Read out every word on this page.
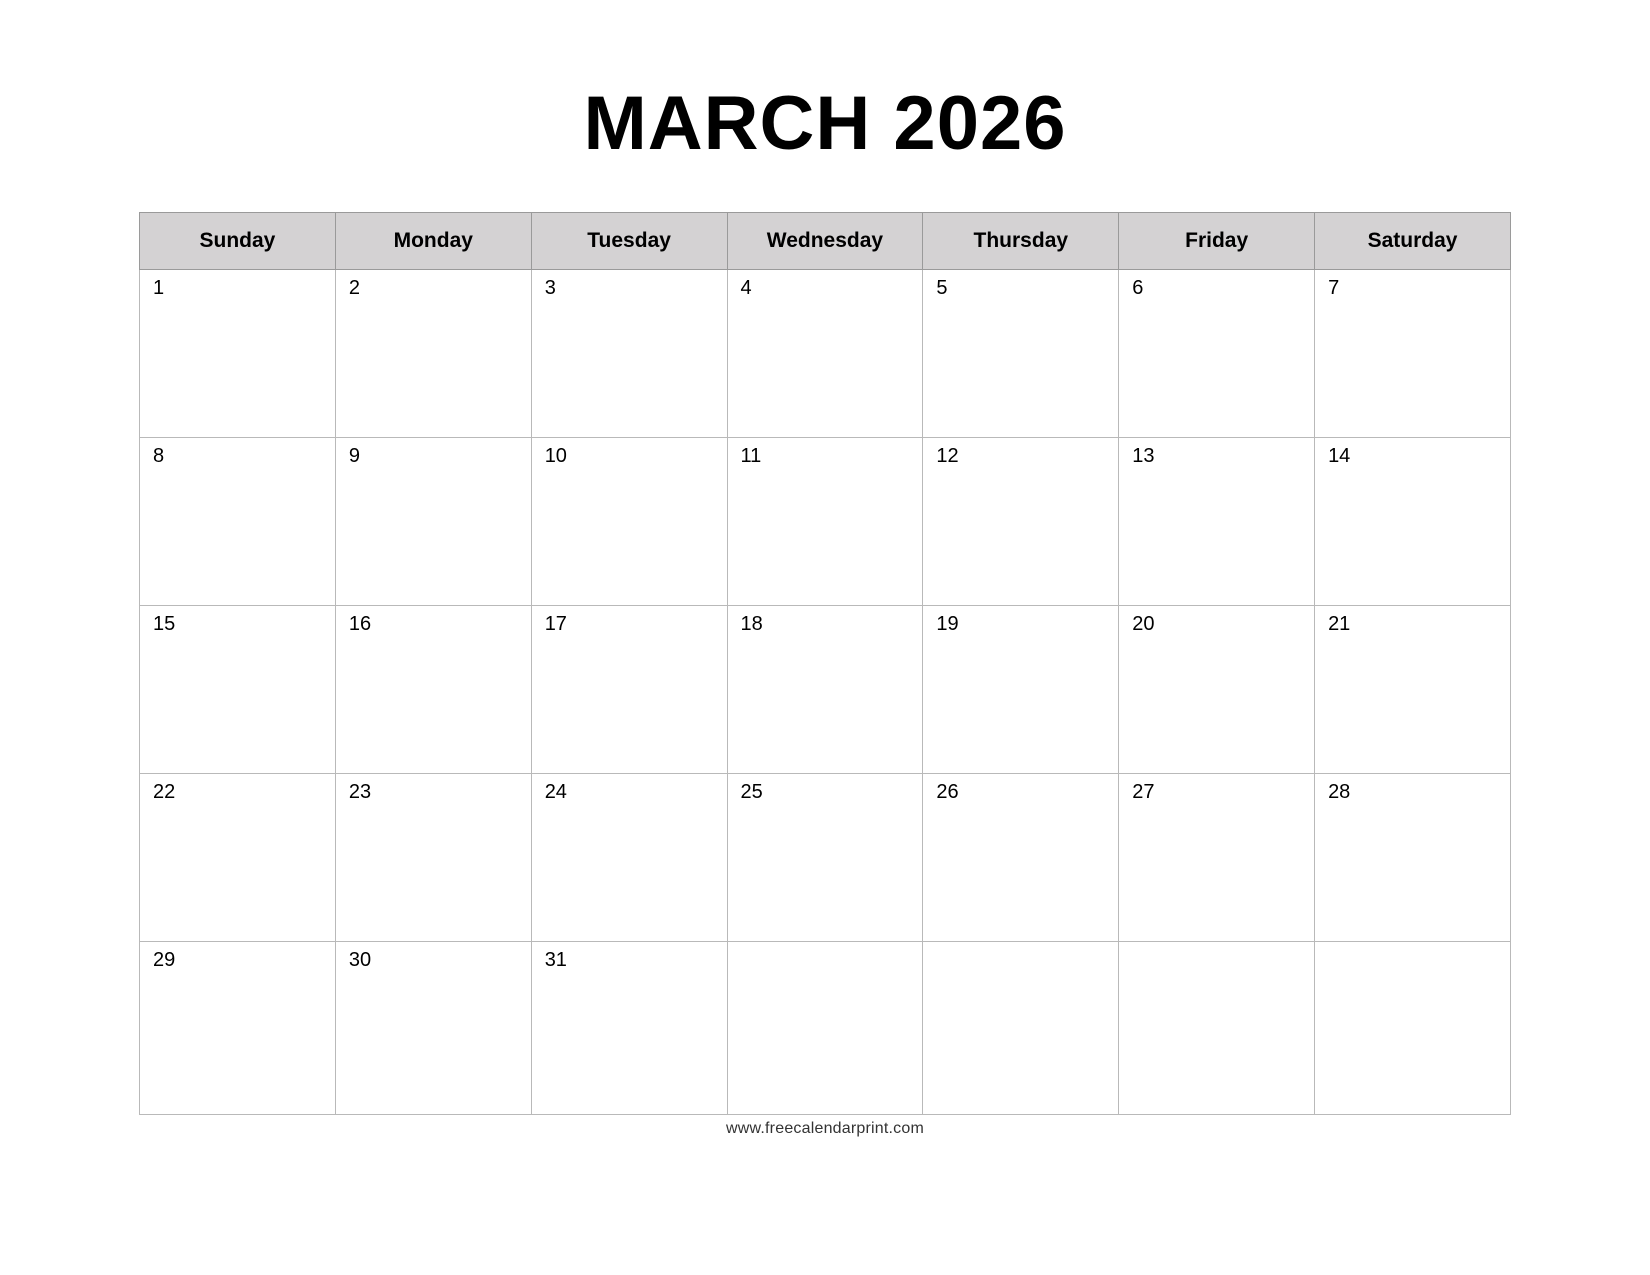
MARCH 2026
Sunday	Monday	Tuesday	Wednesday	Thursday	Friday	Saturday

1	2	3	4	5	6	7

8	9	10	11	12	13	14

15	16	17	18	19	20	21

22	23	24	25	26	27	28

29	30	31				

www.freecalendarprint.com
